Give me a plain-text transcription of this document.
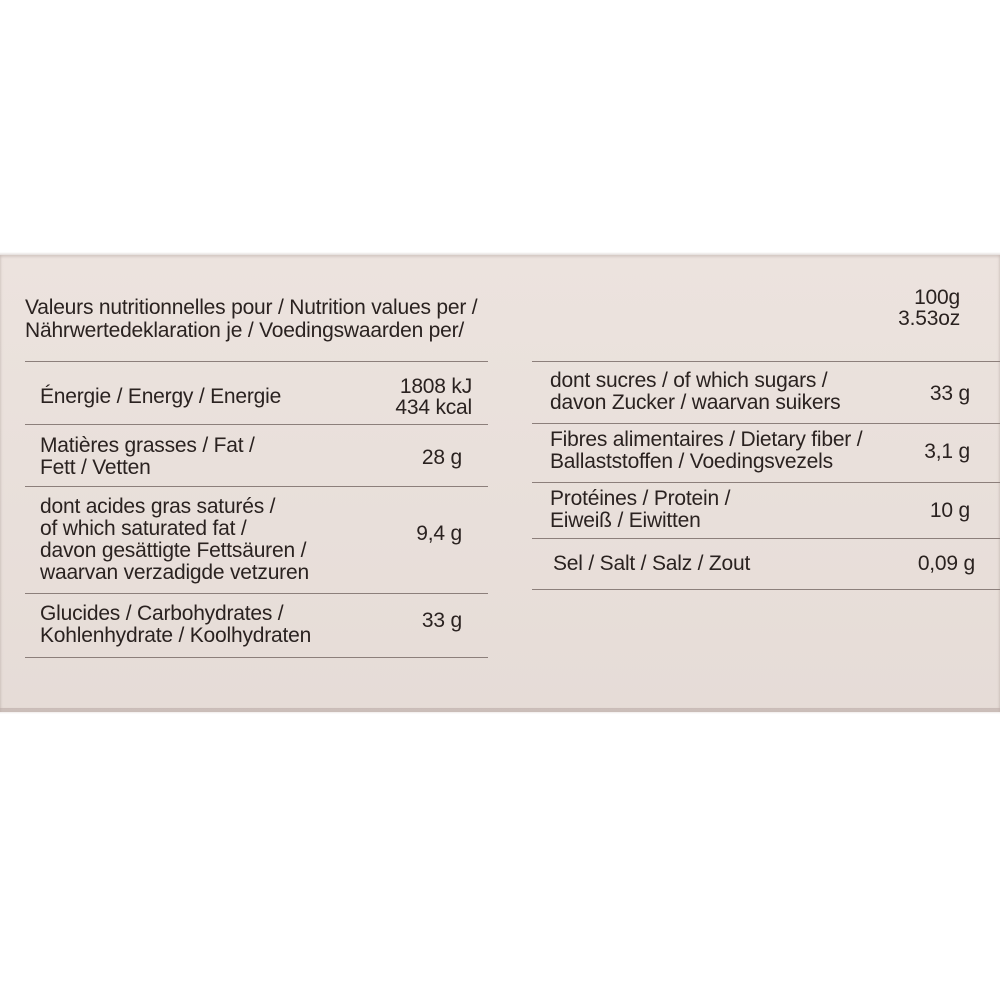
Valeurs nutritionnelles pour / Nutrition values per /
Nährwertedeklaration je / Voedingswaarden per/
100g
3.53oz
Énergie / Energy / Energie	1808 kJ
434 kcal
Matières grasses / Fat /
Fett / Vetten	28 g
dont acides gras saturés /
of which saturated fat /
davon gesättigte Fettsäuren /
waarvan verzadigde vetzuren
9,4 g
Glucides / Carbohydrates /
Kohlenhydrate / Koolhydraten
33 g
dont sucres / of which sugars /
davon Zucker / waarvan suikers	33 g
Fibres alimentaires / Dietary fiber /
Ballaststoffen / Voedingsvezels	3,1 g
Protéines / Protein /
Eiweiß / Eiwitten	10 g
Sel / Salt / Salz / Zout	0,09 g
